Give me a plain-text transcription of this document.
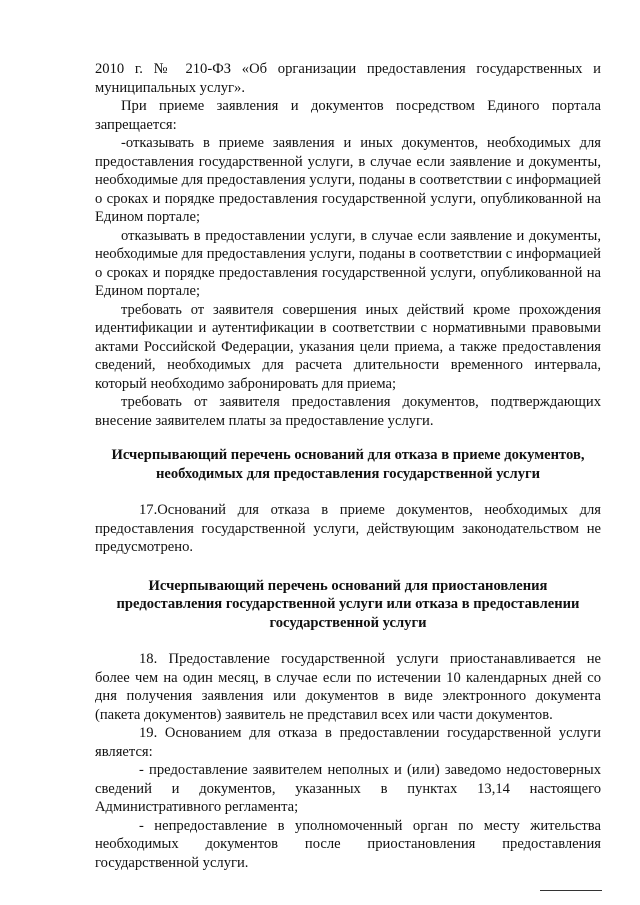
2010 г. № 210-ФЗ «Об организации предоставления государственных и муниципальных услуг».

При приеме заявления и документов посредством Единого портала запрещается:

-отказывать в приеме заявления и иных документов, необходимых для предоставления государственной услуги, в случае если заявление и документы, необходимые для предоставления услуги, поданы в соответствии с информацией о сроках и порядке предоставления государственной услуги, опубликованной на Едином портале;

отказывать в предоставлении услуги, в случае если заявление и документы, необходимые для предоставления услуги, поданы в соответствии с информацией о сроках и порядке предоставления государственной услуги, опубликованной на Едином портале;

требовать от заявителя совершения иных действий кроме прохождения идентификации и аутентификации в соответствии с нормативными правовыми актами Российской Федерации, указания цели приема, а также предоставления сведений, необходимых для расчета длительности временного интервала, который необходимо забронировать для приема;

требовать от заявителя предоставления документов, подтверждающих внесение заявителем платы за предоставление услуги.

Исчерпывающий перечень оснований для отказа в приеме документов, необходимых для предоставления государственной услуги

17.Оснований для отказа в приеме документов, необходимых для предоставления государственной услуги, действующим законодательством не предусмотрено.

Исчерпывающий перечень оснований для приостановления предоставления государственной услуги или отказа в предоставлении государственной услуги

18. Предоставление государственной услуги приостанавливается не более чем на один месяц, в случае если по истечении 10 календарных дней со дня получения заявления или документов в виде электронного документа (пакета документов) заявитель не представил всех или части документов.

19. Основанием для отказа в предоставлении государственной услуги является:

- предоставление заявителем неполных и (или) заведомо недостоверных сведений и документов, указанных в пунктах 13,14 настоящего Административного регламента;

- непредоставление в уполномоченный орган по месту жительства необходимых документов после приостановления предоставления государственной услуги.
